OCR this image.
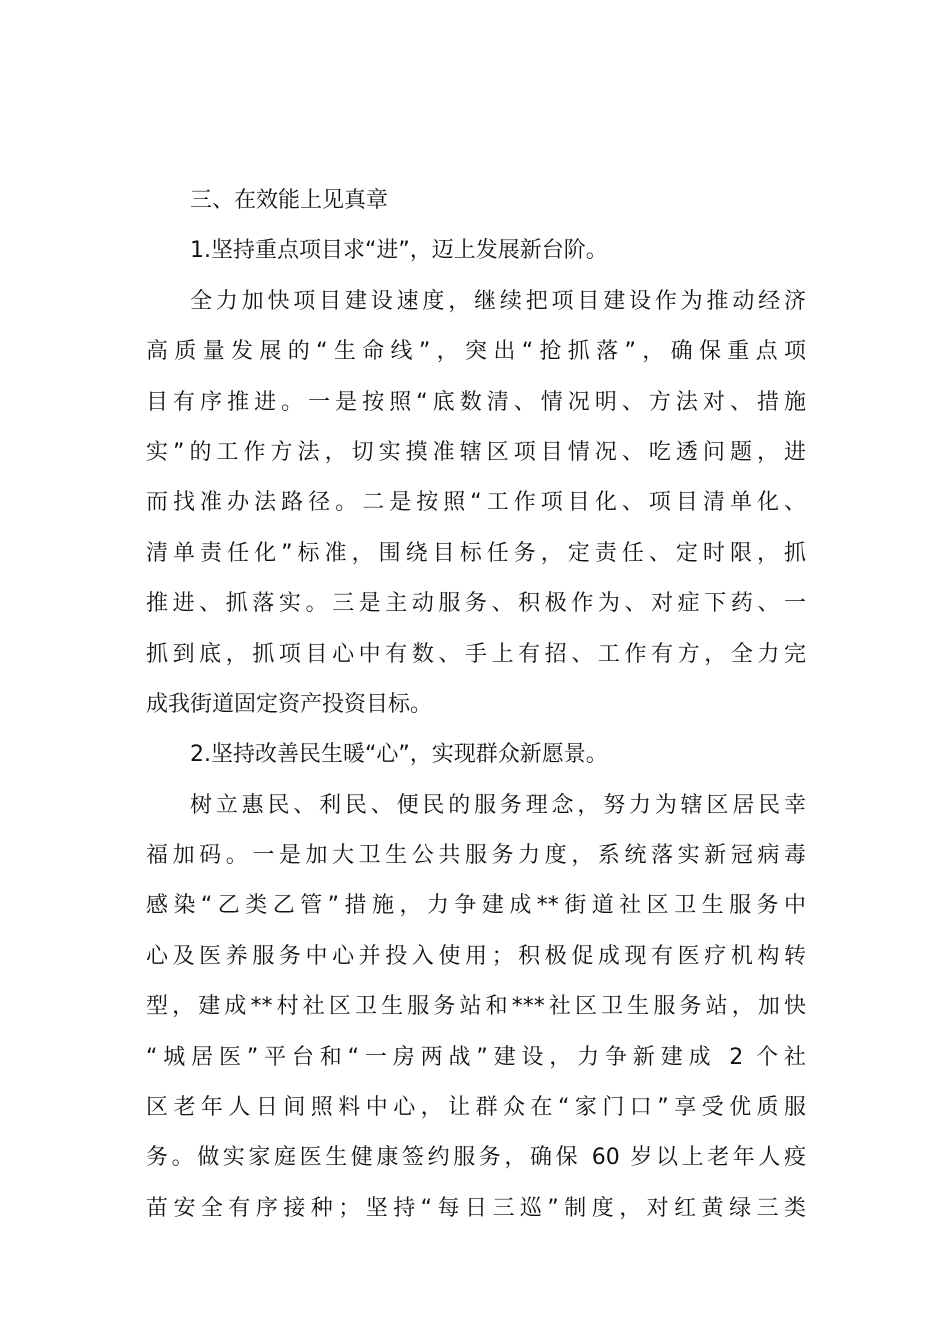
三、在效能上见真章
1.坚持重点项目求“进”，迈上发展新台阶。
全力加快项目建设速度，继续把项目建设作为推动经济
高质量发展的“生命线”，突出“抢抓落”，确保重点项
目有序推进。一是按照“底数清、情况明、方法对、措施
实”的工作方法，切实摸准辖区项目情况、吃透问题，进
而找准办法路径。二是按照“工作项目化、项目清单化、
清单责任化”标准，围绕目标任务，定责任、定时限，抓
推进、抓落实。三是主动服务、积极作为、对症下药、一
抓到底，抓项目心中有数、手上有招、工作有方，全力完
成我街道固定资产投资目标。
2.坚持改善民生暖“心”，实现群众新愿景。
树立惠民、利民、便民的服务理念，努力为辖区居民幸
福加码。一是加大卫生公共服务力度，系统落实新冠病毒
感染“乙类乙管”措施，力争建成**街道社区卫生服务中
心及医养服务中心并投入使用；积极促成现有医疗机构转
型，建成**村社区卫生服务站和***社区卫生服务站，加快
“城居医”平台和“一房两战”建设，力争新建成 2 个社
区老年人日间照料中心，让群众在“家门口”享受优质服
务。做实家庭医生健康签约服务，确保 60 岁以上老年人疫
苗安全有序接种；坚持“每日三巡”制度，对红黄绿三类
